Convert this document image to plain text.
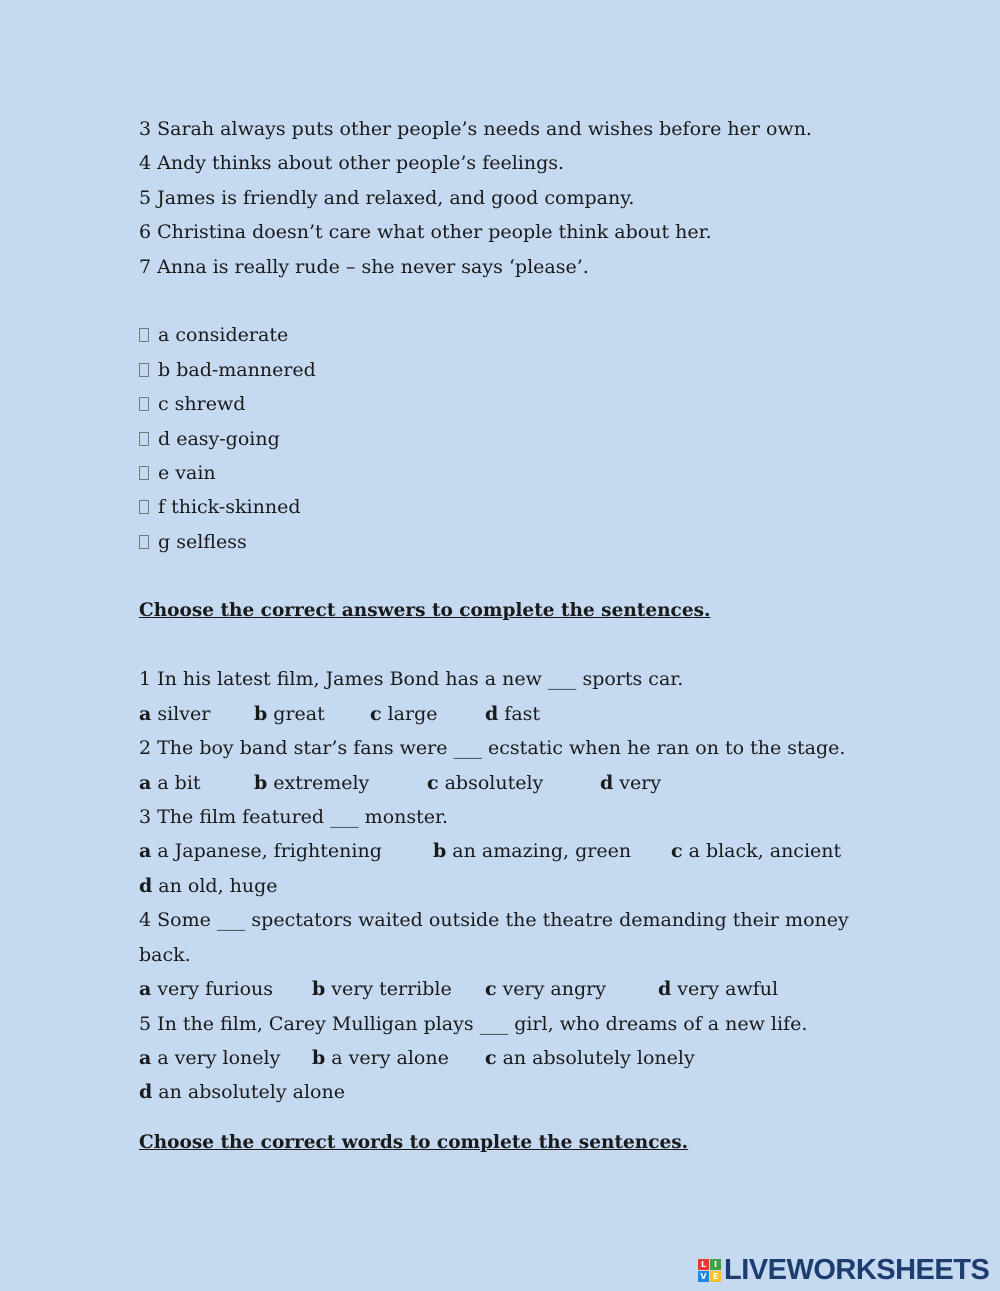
3 Sarah always puts other people’s needs and wishes before her own.
4 Andy thinks about other people’s feelings.
5 James is friendly and relaxed, and good company.
6 Christina doesn’t care what other people think about her.
7 Anna is really rude – she never says ‘please’.
a considerate
b bad-mannered
c shrewd
d easy-going
e vain
f thick-skinned
g selfless
Choose the correct answers to complete the sentences.
1 In his latest film, James Bond has a new ___ sports car.
a silver	b great	c large	d fast
2 The boy band star’s fans were ___ ecstatic when he ran on to the stage.
a a bit	b extremely	c absolutely	d very
3 The film featured ___ monster.
a a Japanese, frightening	b an amazing, green	c a black, ancient
d an old, huge
4 Some ___ spectators waited outside the theatre demanding their money
back.
a very furious	b very terrible	c very angry	d very awful
5 In the film, Carey Mulligan plays ___ girl, who dreams of a new life.
a a very lonely	b a very alone	c an absolutely lonely
d an absolutely alone
Choose the correct words to complete the sentences.
L I
V E LIVEWORKSHEETS
